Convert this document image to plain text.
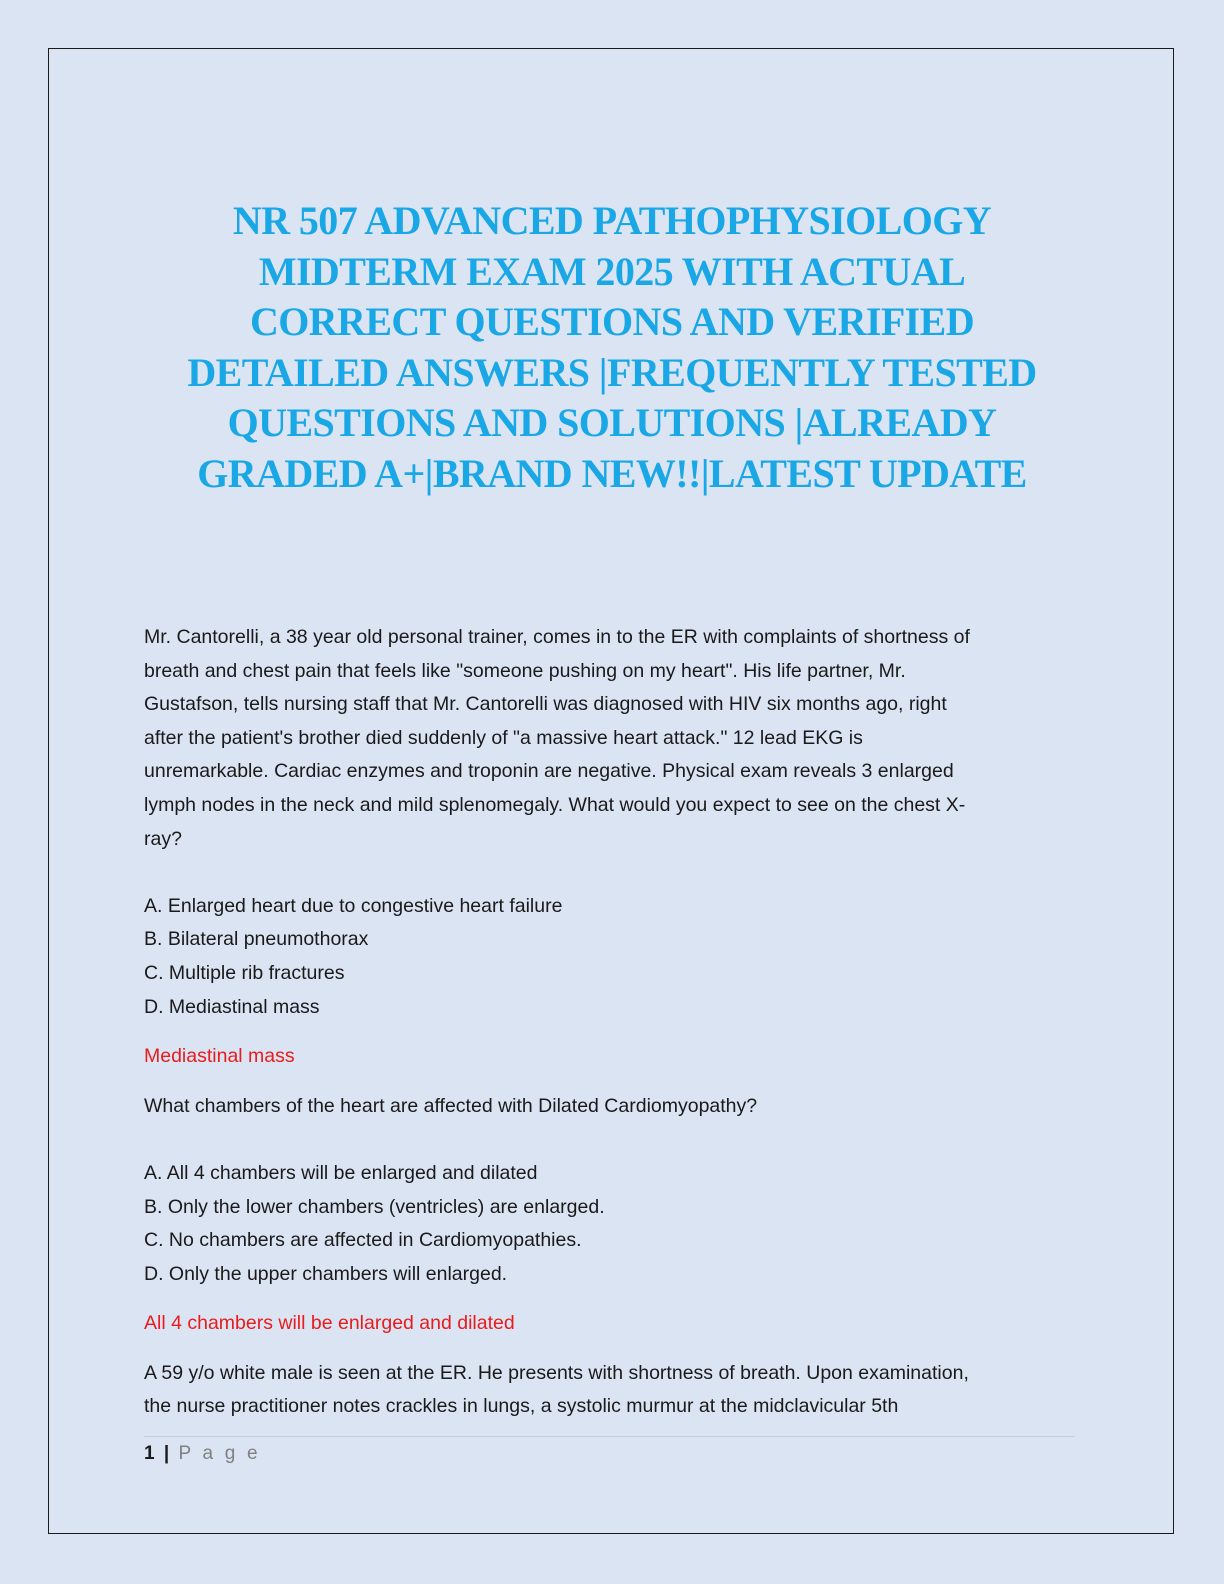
NR 507 ADVANCED PATHOPHYSIOLOGY
MIDTERM EXAM 2025 WITH ACTUAL
CORRECT QUESTIONS AND VERIFIED
DETAILED ANSWERS |FREQUENTLY TESTED
QUESTIONS AND SOLUTIONS |ALREADY
GRADED A+|BRAND NEW!!|LATEST UPDATE
Mr. Cantorelli, a 38 year old personal trainer, comes in to the ER with complaints of shortness of
breath and chest pain that feels like "someone pushing on my heart". His life partner, Mr.
Gustafson, tells nursing staff that Mr. Cantorelli was diagnosed with HIV six months ago, right
after the patient's brother died suddenly of "a massive heart attack." 12 lead EKG is
unremarkable. Cardiac enzymes and troponin are negative. Physical exam reveals 3 enlarged
lymph nodes in the neck and mild splenomegaly. What would you expect to see on the chest X-
ray?
A. Enlarged heart due to congestive heart failure
B. Bilateral pneumothorax
C. Multiple rib fractures
D. Mediastinal mass
Mediastinal mass
What chambers of the heart are affected with Dilated Cardiomyopathy?
A. All 4 chambers will be enlarged and dilated
B. Only the lower chambers (ventricles) are enlarged.
C. No chambers are affected in Cardiomyopathies.
D. Only the upper chambers will enlarged.
All 4 chambers will be enlarged and dilated
A 59 y/o white male is seen at the ER. He presents with shortness of breath. Upon examination,
the nurse practitioner notes crackles in lungs, a systolic murmur at the midclavicular 5th
1 | P a g e
